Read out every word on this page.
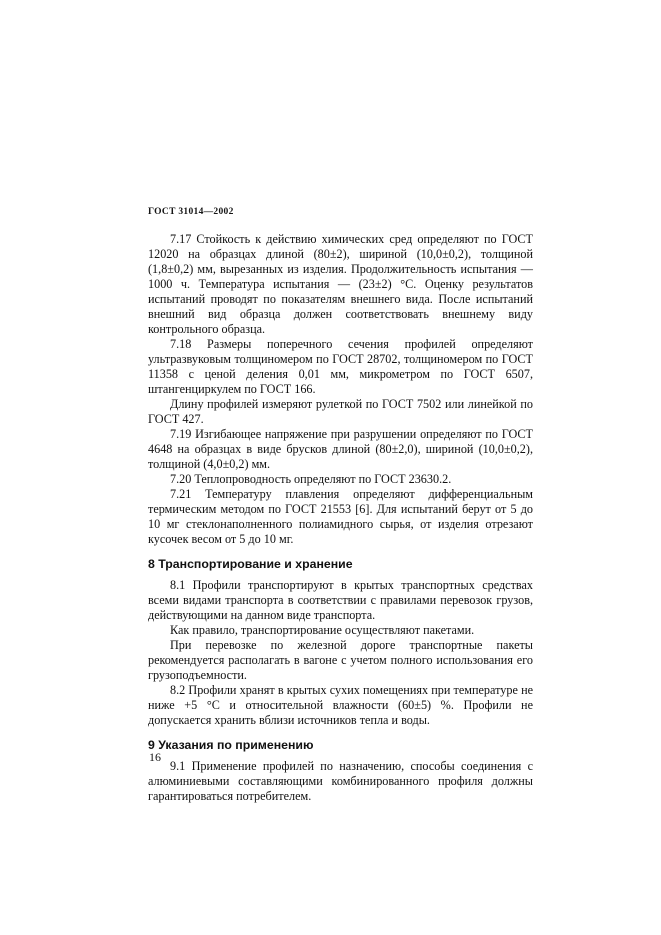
ГОСТ 31014—2002

7.17 Стойкость к действию химических сред определяют по ГОСТ 12020 на образцах длиной (80±2), шириной (10,0±0,2), толщиной (1,8±0,2) мм, вырезанных из изделия. Продолжительность испытания — 1000 ч. Температура испытания — (23±2) °С. Оценку результатов испытаний проводят по показателям внешнего вида. После испытаний внешний вид образца должен соответствовать внешнему виду контрольного образца.

7.18 Размеры поперечного сечения профилей определяют ультразвуковым толщиномером по ГОСТ 28702, толщиномером по ГОСТ 11358 с ценой деления 0,01 мм, микрометром по ГОСТ 6507, штангенциркулем по ГОСТ 166.

Длину профилей измеряют рулеткой по ГОСТ 7502 или линейкой по ГОСТ 427.

7.19 Изгибающее напряжение при разрушении определяют по ГОСТ 4648 на образцах в виде брусков длиной (80±2,0), шириной (10,0±0,2), толщиной (4,0±0,2) мм.

7.20 Теплопроводность определяют по ГОСТ 23630.2.

7.21 Температуру плавления определяют дифференциальным термическим методом по ГОСТ 21553 [6]. Для испытаний берут от 5 до 10 мг стеклонаполненного полиамидного сырья, от изделия отрезают кусочек весом от 5 до 10 мг.

8 Транспортирование и хранение

8.1 Профили транспортируют в крытых транспортных средствах всеми видами транспорта в соответствии с правилами перевозок грузов, действующими на данном виде транспорта.

Как правило, транспортирование осуществляют пакетами.

При перевозке по железной дороге транспортные пакеты рекомендуется располагать в вагоне с учетом полного использования его грузоподъемности.

8.2 Профили хранят в крытых сухих помещениях при температуре не ниже +5 °С и относительной влажности (60±5) %. Профили не допускается хранить вблизи источников тепла и воды.

9 Указания по применению

9.1 Применение профилей по назначению, способы соединения с алюминиевыми составляющими комбинированного профиля должны гарантироваться потребителем.

16
